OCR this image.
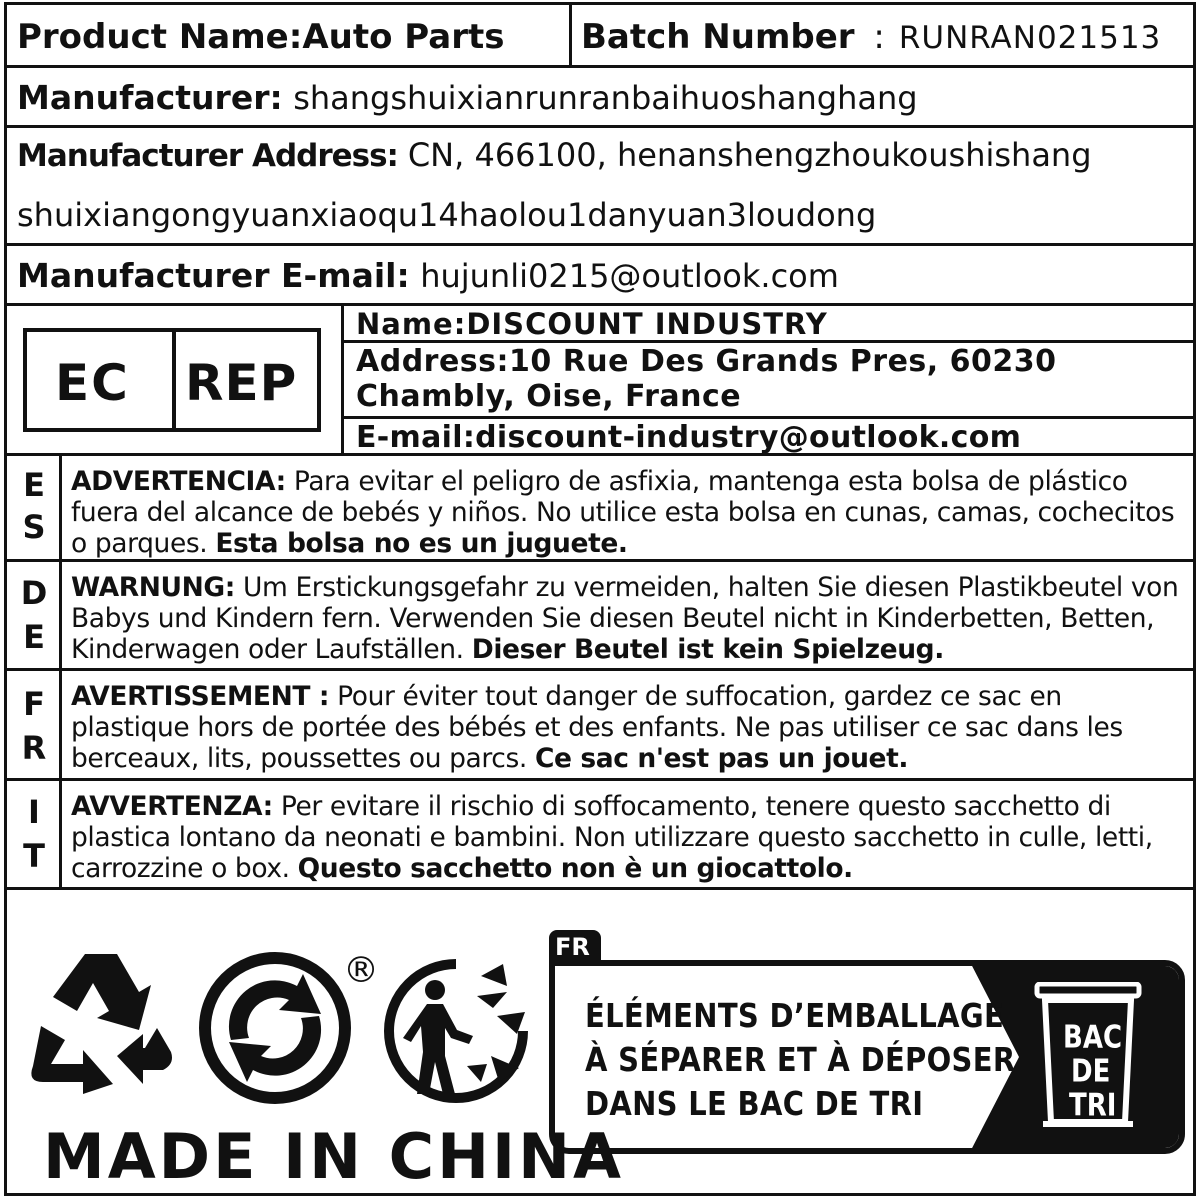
Product Name:Auto Parts Batch Number : RUNRAN021513
Manufacturer: shangshuixianrunranbaihuoshanghang
Manufacturer Address: CN, 466100, henanshengzhoukoushishang
shuixiangongyuanxiaoqu14haolou1danyuan3loudong
Manufacturer E-mail: hujunli0215@outlook.com
EC REP
Name:DISCOUNT INDUSTRY
Address:10 Rue Des Grands Pres, 60230
Chambly, Oise, France
E-mail:discount-industry@outlook.com
E
S
ADVERTENCIA: Para evitar el peligro de asfixia, mantenga esta bolsa de plástico fuera del alcance de bebés y niños. No utilice esta bolsa en cunas, camas, cochecitos o parques. Esta bolsa no es un juguete.
D
E
WARNUNG: Um Erstickungsgefahr zu vermeiden, halten Sie diesen Plastikbeutel von Babys und Kindern fern. Verwenden Sie diesen Beutel nicht in Kinderbetten, Betten, Kinderwagen oder Laufställen. Dieser Beutel ist kein Spielzeug.
F
R
AVERTISSEMENT : Pour éviter tout danger de suffocation, gardez ce sac en plastique hors de portée des bébés et des enfants. Ne pas utiliser ce sac dans les berceaux, lits, poussettes ou parcs. Ce sac n'est pas un jouet.
I
T
AVVERTENZA: Per evitare il rischio di soffocamento, tenere questo sacchetto di plastica lontano da neonati e bambini. Non utilizzare questo sacchetto in culle, letti, carrozzine o box. Questo sacchetto non è un giocattolo.
®
MADE IN CHINA
FR
ÉLÉMENTS D’EMBALLAGE
À SÉPARER ET À DÉPOSER
DANS LE BAC DE TRI
BAC
DE
TRI
